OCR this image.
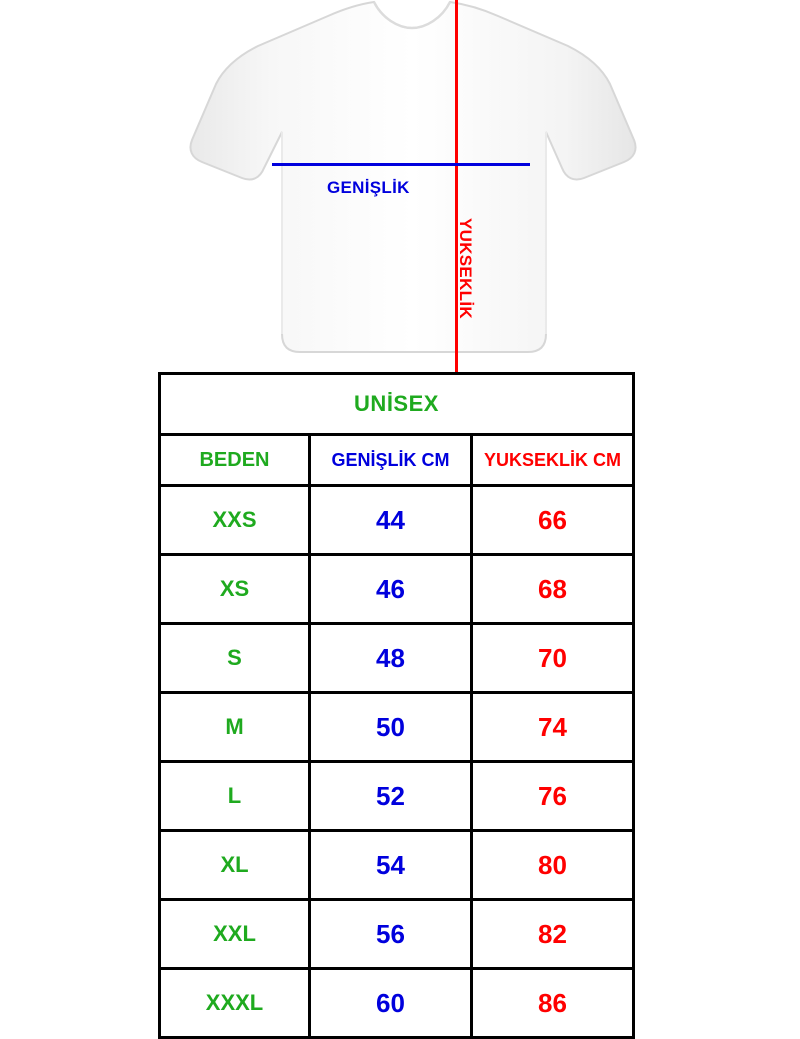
GENİŞLİK
YUKSEKLİK
UNİSEX		
BEDEN	GENİŞLİK CM	YUKSEKLİK CM
XXS	44	66
XS	46	68
S	48	70
M	50	74
L	52	76
XL	54	80
XXL	56	82
XXXL	60	86
